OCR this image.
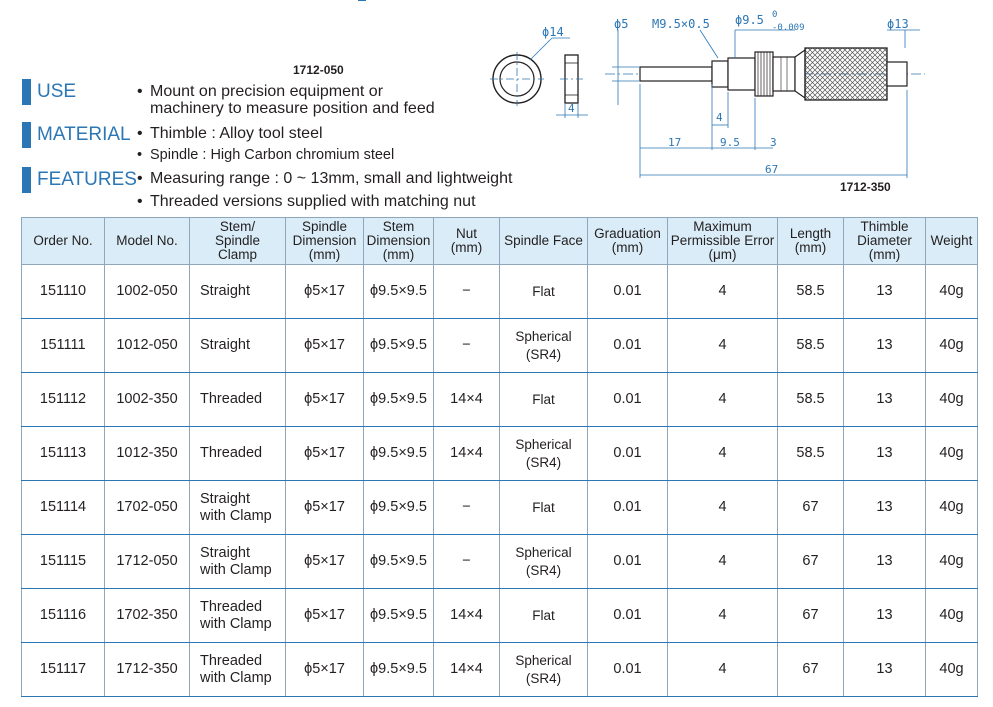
1712-050
1712-350
USE	• Mount on precision equipment or
machinery to measure position and feed
MATERIAL • Thimble : Alloy tool steel
• Spindle : High Carbon chromium steel
FEATURES • Measuring range : 0 ~ 13mm, small and lightweight
• Threaded versions supplied with matching nut
ϕ14
4
ϕ5 M9.5×0.5 ϕ9.5 0
-0.009	ϕ13
4
17	9.5	3
67
Order No.	Model No.	Stem/
Spindle
Clamp	Spindle
Dimension
(mm)	Stem
Dimension
(mm)	Nut
(mm)	Spindle Face	Graduation
(mm)	Maximum
Permissible Error
(μm)	Length
(mm)	Thimble
Diameter
(mm)	Weight
151110	1002-050	Straight	ϕ5×17	ϕ9.5×9.5	−	Flat	0.01	4	58.5	13	40g
151111	1012-050	Straight	ϕ5×17	ϕ9.5×9.5	−	Spherical
(SR4)	0.01	4	58.5	13	40g
151112	1002-350	Threaded	ϕ5×17	ϕ9.5×9.5	14×4	Flat	0.01	4	58.5	13	40g
151113	1012-350	Threaded	ϕ5×17	ϕ9.5×9.5	14×4	Spherical
(SR4)	0.01	4	58.5	13	40g
151114	1702-050	Straight
with Clamp	ϕ5×17	ϕ9.5×9.5	−	Flat	0.01	4	67	13	40g
151115	1712-050	Straight
with Clamp	ϕ5×17	ϕ9.5×9.5	−	Spherical
(SR4)	0.01	4	67	13	40g
151116	1702-350	Threaded
with Clamp	ϕ5×17	ϕ9.5×9.5	14×4	Flat	0.01	4	67	13	40g
151117	1712-350	Threaded
with Clamp	ϕ5×17	ϕ9.5×9.5	14×4	Spherical
(SR4)	0.01	4	67	13	40g
